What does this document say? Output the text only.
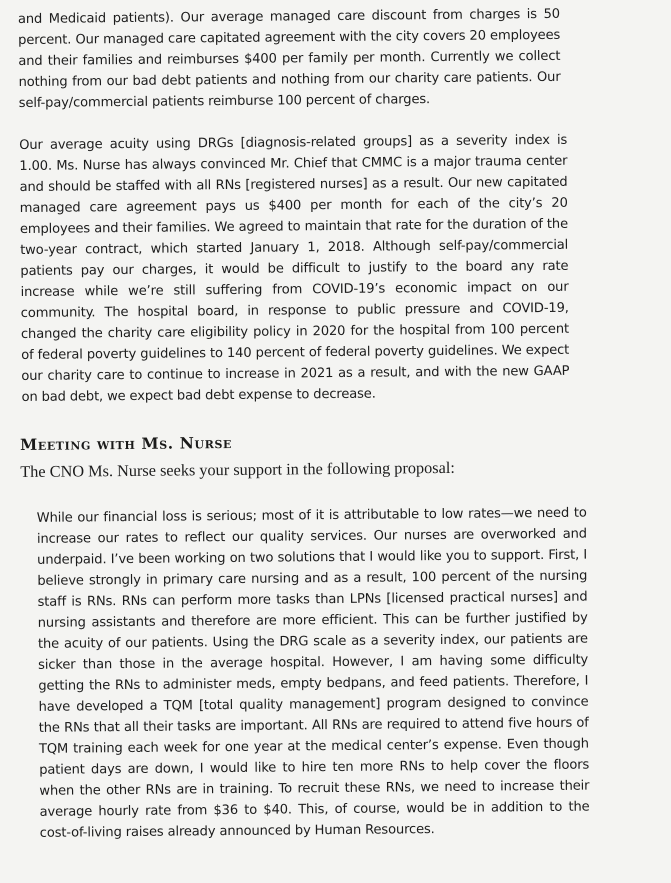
and Medicaid patients). Our average managed care discount from charges is 50 percent. Our managed care capitated agreement with the city covers 20 employees and their families and reimburses $400 per family per month. Currently we collect nothing from our bad debt patients and nothing from our charity care patients. Our self-pay/commercial patients reimburse 100 percent of charges.

Our average acuity using DRGs [diagnosis-related groups] as a severity index is 1.00. Ms. Nurse has always convinced Mr. Chief that CMMC is a major trauma center and should be staffed with all RNs [registered nurses] as a result. Our new capitated managed care agreement pays us $400 per month for each of the city’s 20 employees and their families. We agreed to maintain that rate for the duration of the two-year contract, which started January 1, 2018. Although self-pay/commercial patients pay our charges, it would be difficult to justify to the board any rate increase while we’re still suffering from COVID-19’s economic impact on our community. The hospital board, in response to public pressure and COVID-19, changed the charity care eligibility policy in 2020 for the hospital from 100 percent of federal poverty guidelines to 140 percent of federal poverty guidelines. We expect our charity care to continue to increase in 2021 as a result, and with the new GAAP on bad debt, we expect bad debt expense to decrease.

Meeting with Ms. Nurse
The CNO Ms. Nurse seeks your support in the following proposal:

While our financial loss is serious; most of it is attributable to low rates—we need to increase our rates to reflect our quality services. Our nurses are overworked and underpaid. I’ve been working on two solutions that I would like you to support. First, I believe strongly in primary care nursing and as a result, 100 percent of the nursing staff is RNs. RNs can perform more tasks than LPNs [licensed practical nurses] and nursing assistants and therefore are more efficient. This can be further justified by the acuity of our patients. Using the DRG scale as a severity index, our patients are sicker than those in the average hospital. However, I am having some difficulty getting the RNs to administer meds, empty bedpans, and feed patients. Therefore, I have developed a TQM [total quality management] program designed to convince the RNs that all their tasks are important. All RNs are required to attend five hours of TQM training each week for one year at the medical center’s expense. Even though patient days are down, I would like to hire ten more RNs to help cover the floors when the other RNs are in training. To recruit these RNs, we need to increase their average hourly rate from $36 to $40. This, of course, would be in addition to the cost-of-living raises already announced by Human Resources.
